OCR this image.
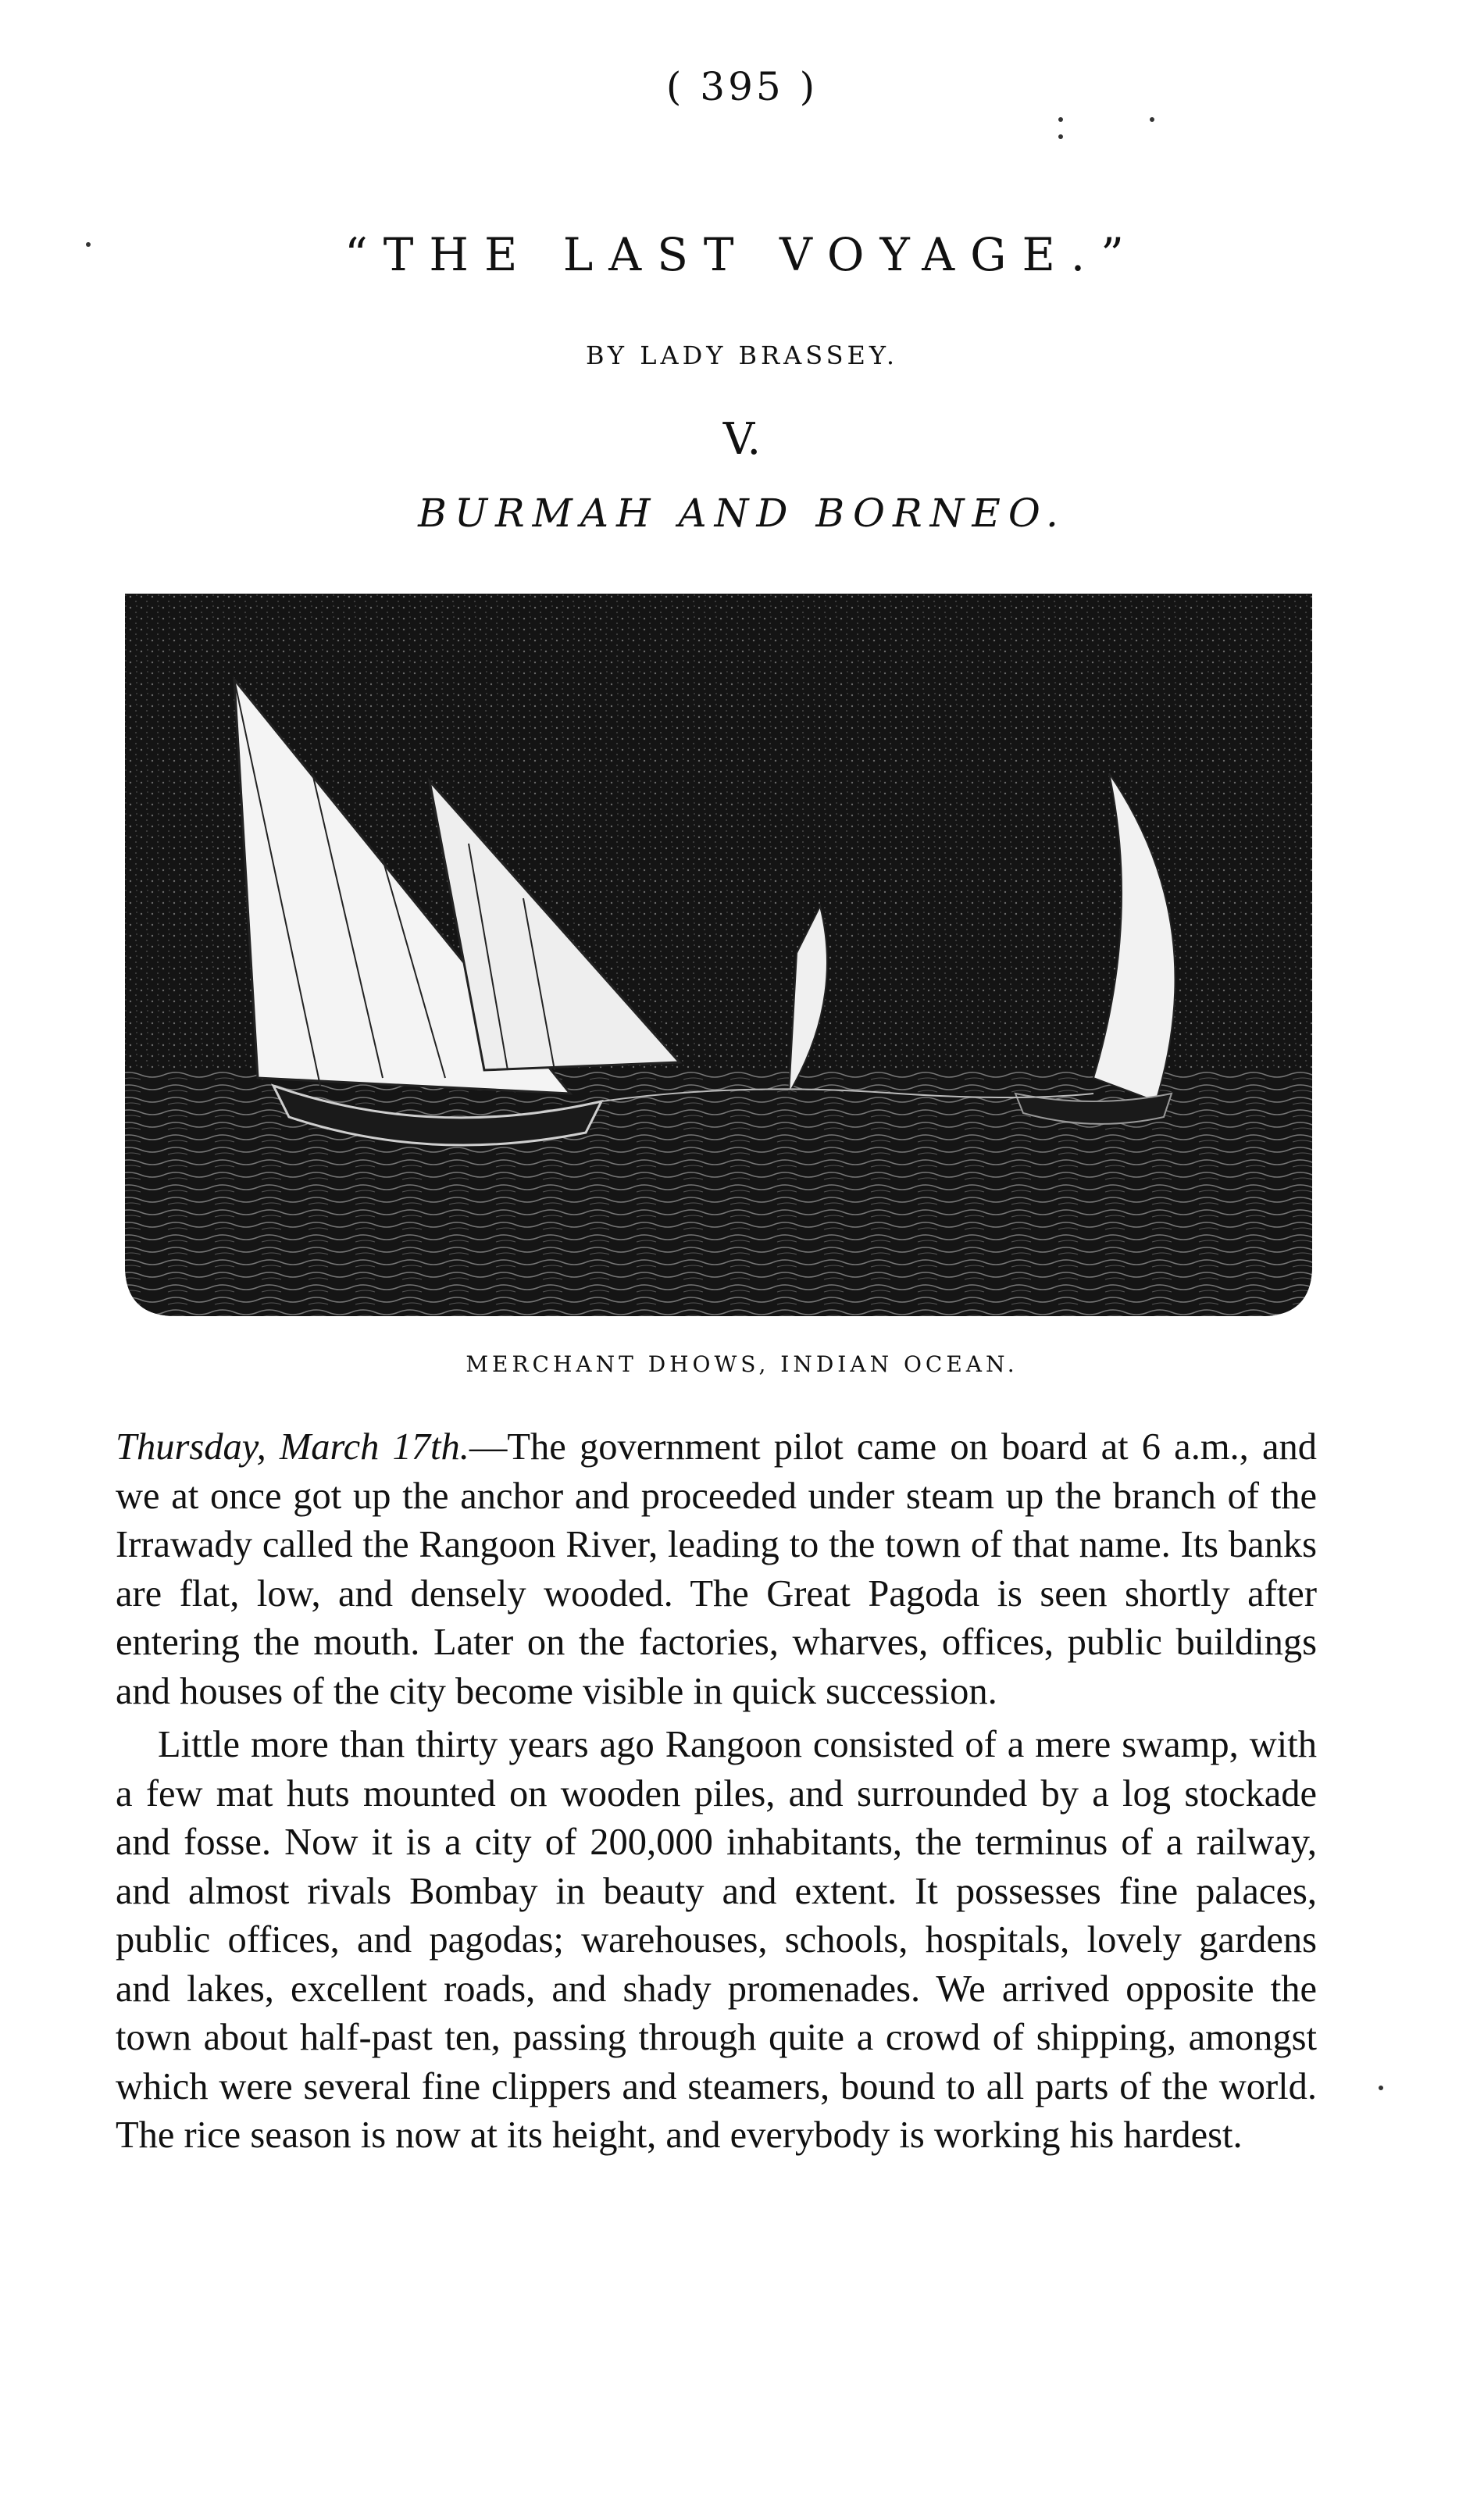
( 395 )
“THE LAST VOYAGE.”
BY LADY BRASSEY.
V.
BURMAH AND BORNEO.
MERCHANT DHOWS, INDIAN OCEAN.

Thursday, March 17th.—The government pilot came on board at 6 a.m., and we at once got up the anchor and proceeded under steam up the branch of the Irrawady called the Rangoon River, leading to the town of that name. Its banks are flat, low, and densely wooded. The Great Pagoda is seen shortly after entering the mouth. Later on the factories, wharves, offices, public buildings and houses of the city become visible in quick succession.

Little more than thirty years ago Rangoon consisted of a mere swamp, with a few mat huts mounted on wooden piles, and surrounded by a log stockade and fosse. Now it is a city of 200,000 inhabitants, the terminus of a railway, and almost rivals Bombay in beauty and extent. It possesses fine palaces, public offices, and pagodas; warehouses, schools, hospitals, lovely gardens and lakes, excellent roads, and shady promenades. We arrived opposite the town about half-past ten, passing through quite a crowd of shipping, amongst which were several fine clippers and steamers, bound to all parts of the world. The rice season is now at its height, and everybody is working his hardest.
